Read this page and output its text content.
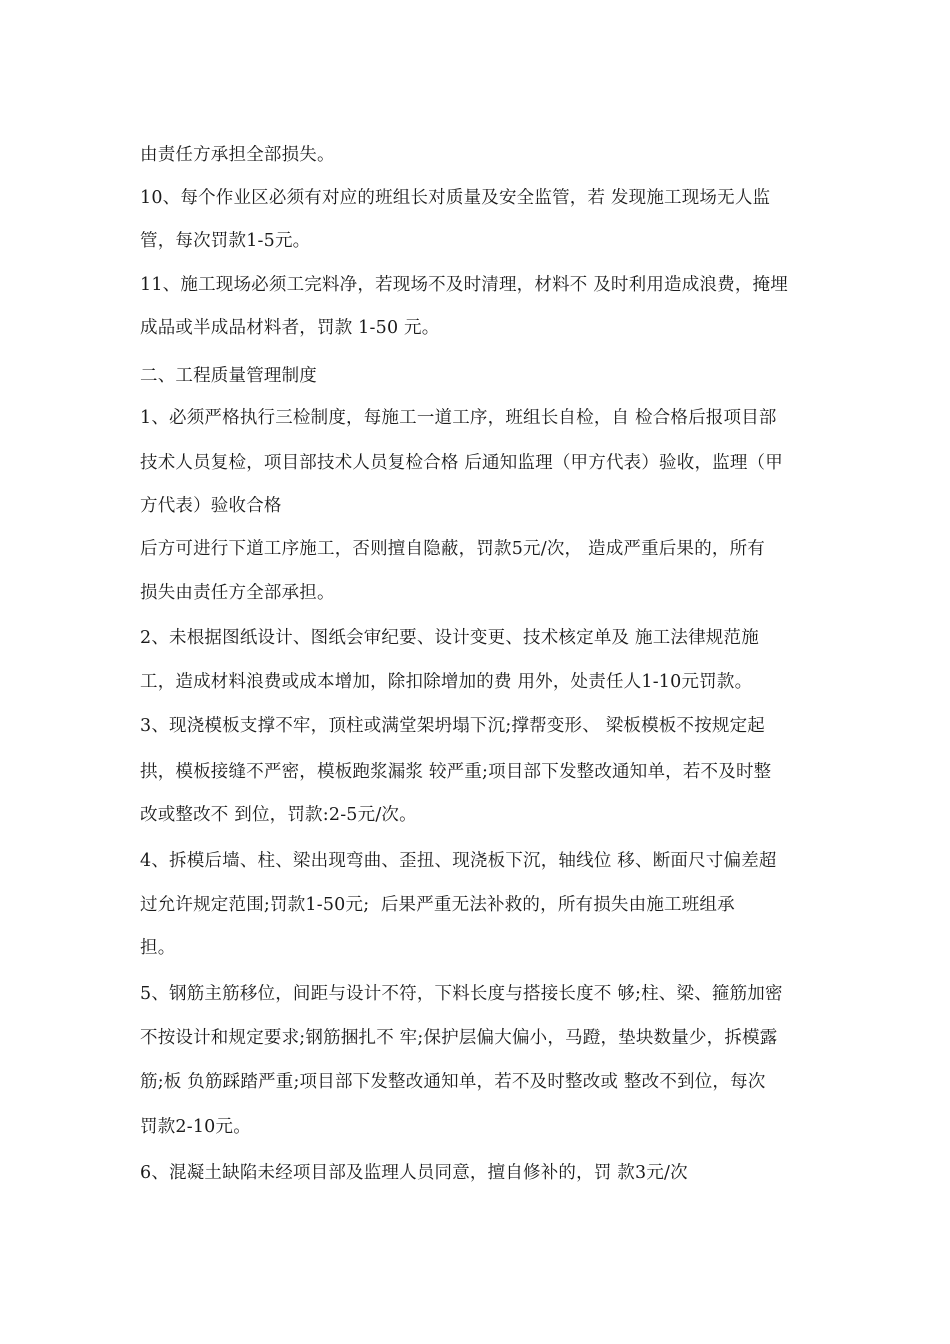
由责任方承担全部损失。
10、每个作业区必须有对应的班组长对质量及安全监管，若 发现施工现场无人监
管，每次罚款1-5元。
11、施工现场必须工完料净，若现场不及时清理，材料不 及时利用造成浪费，掩埋
成品或半成品材料者，罚款 1-50 元。
二、工程质量管理制度
1、必须严格执行三检制度，每施工一道工序，班组长自检，自 检合格后报项目部
技术人员复检，项目部技术人员复检合格 后通知监理（甲方代表）验收，监理（甲
方代表）验收合格
后方可进行下道工序施工，否则擅自隐蔽，罚款5元/次， 造成严重后果的，所有
损失由责任方全部承担。
2、未根据图纸设计、图纸会审纪要、设计变更、技术核定单及 施工法律规范施
工，造成材料浪费或成本增加，除扣除增加的费 用外，处责任人1-10元罚款。
3、现浇模板支撑不牢，顶柱或满堂架坍塌下沉;撑帮变形、 梁板模板不按规定起
拱，模板接缝不严密，模板跑浆漏浆 较严重;项目部下发整改通知单，若不及时整
改或整改不 到位，罚款:2-5元/次。
4、拆模后墙、柱、梁出现弯曲、歪扭、现浇板下沉，轴线位 移、断面尺寸偏差超
过允许规定范围;罚款1-50元;  后果严重无法补救的，所有损失由施工班组承
担。
5、钢筋主筋移位，间距与设计不符，下料长度与搭接长度不 够;柱、梁、箍筋加密
不按设计和规定要求;钢筋捆扎不 牢;保护层偏大偏小，马蹬，垫块数量少，拆模露
筋;板 负筋踩踏严重;项目部下发整改通知单，若不及时整改或 整改不到位，每次
罚款2-10元。
6、混凝土缺陷未经项目部及监理人员同意，擅自修补的，罚 款3元/次
